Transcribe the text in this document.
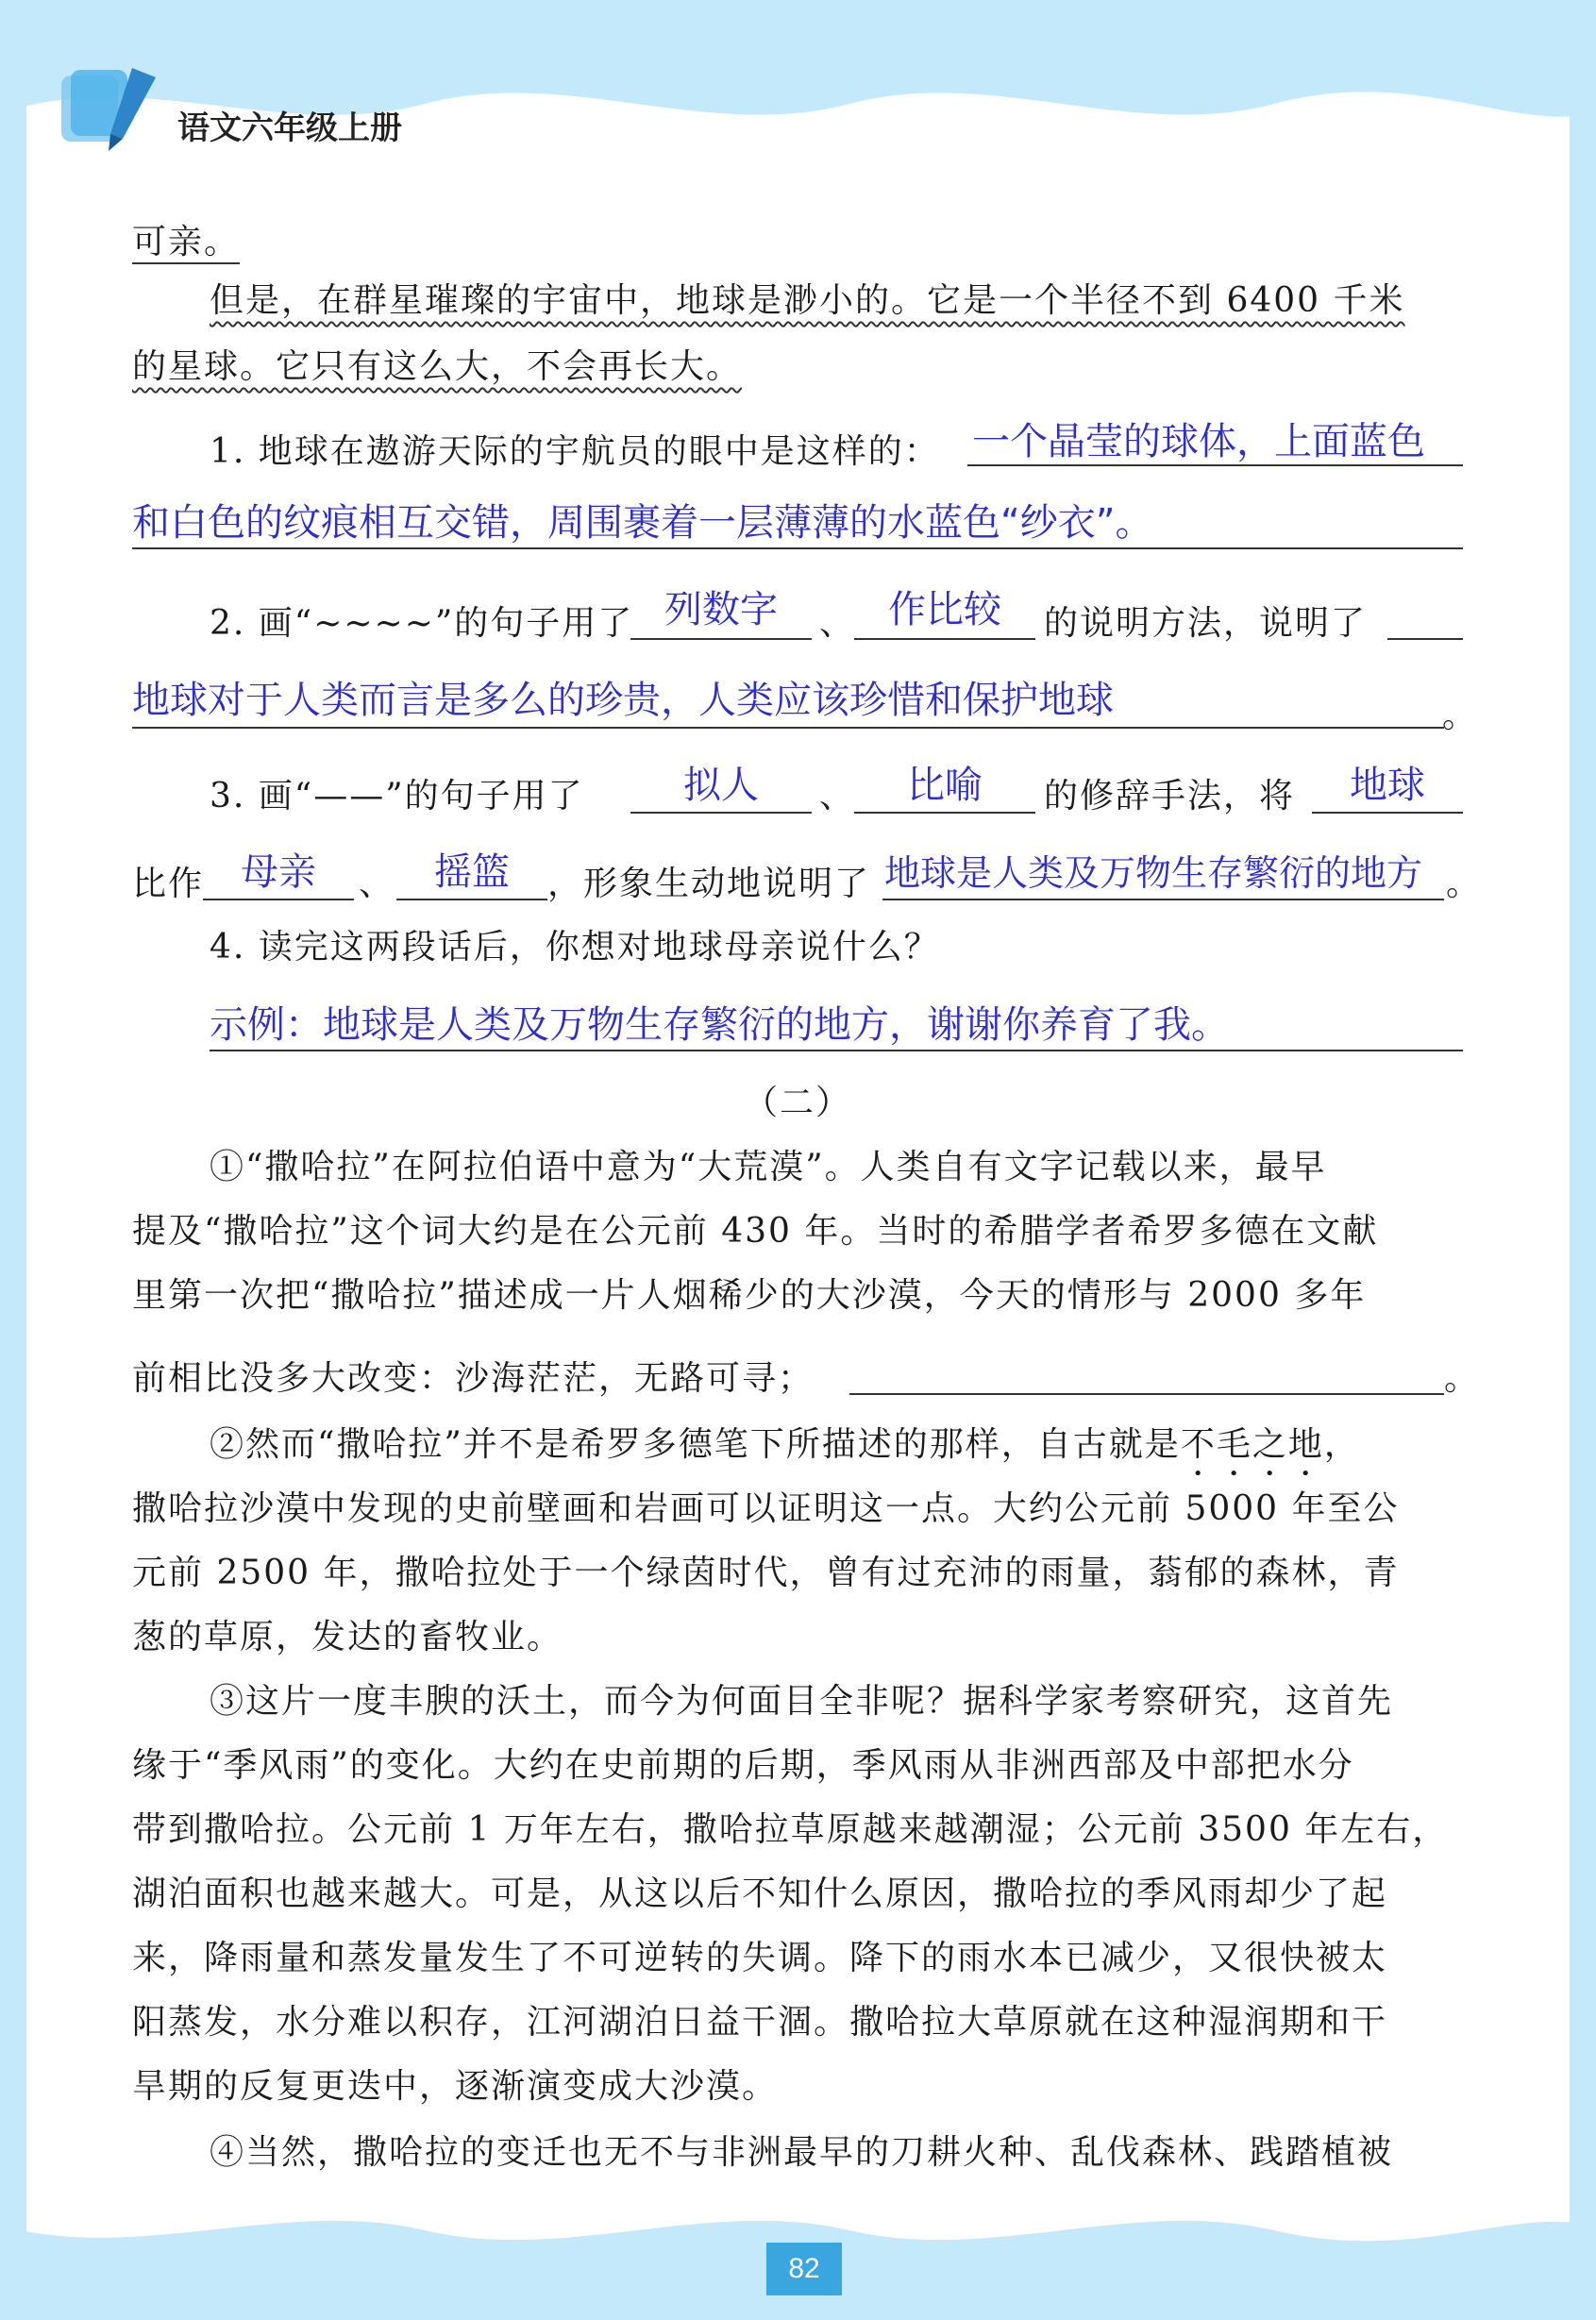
语文六年级上册
可亲。
但是，在群星璀璨的宇宙中，地球是渺小的。它是一个半径不到 6400 千米
的星球。它只有这么大，不会再长大。
1. 地球在遨游天际的宇航员的眼中是这样的： 一个晶莹的球体，上面蓝色
和白色的纹痕相互交错，周围裹着一层薄薄的水蓝色“纱衣”。
2. 画“~~~~”的句子用了 列数字	、 作比较	的说明方法，说明了
地球对于人类而言是多么的珍贵，人类应该珍惜和保护地球	。
3. 画“——”的句子用了	拟人	、	比喻	的修辞手法，将	地球
比作 母亲	、	摇篮	，形象生动地说明了 地球是人类及万物生存繁衍的地方 。
4. 读完这两段话后，你想对地球母亲说什么？
示例：地球是人类及万物生存繁衍的地方，谢谢你养育了我。
（二）
①“撒哈拉”在阿拉伯语中意为“大荒漠”。人类自有文字记载以来，最早
提及“撒哈拉”这个词大约是在公元前 430 年。当时的希腊学者希罗多德在文献
里第一次把“撒哈拉”描述成一片人烟稀少的大沙漠，今天的情形与 2000 多年
前相比没多大改变：沙海茫茫，无路可寻；	。
②然而“撒哈拉”并不是希罗多德笔下所描述的那样，自古就是不毛之地，
撒哈拉沙漠中发现的史前壁画和岩画可以证明这一点。大约公元前 5000 年至公
元前 2500 年，撒哈拉处于一个绿茵时代，曾有过充沛的雨量，蓊郁的森林，青
葱的草原，发达的畜牧业。
③这片一度丰腴的沃土，而今为何面目全非呢？据科学家考察研究，这首先
缘于“季风雨”的变化。大约在史前期的后期，季风雨从非洲西部及中部把水分
带到撒哈拉。公元前 1 万年左右，撒哈拉草原越来越潮湿；公元前 3500 年左右，
湖泊面积也越来越大。可是，从这以后不知什么原因，撒哈拉的季风雨却少了起
来，降雨量和蒸发量发生了不可逆转的失调。降下的雨水本已减少，又很快被太
阳蒸发，水分难以积存，江河湖泊日益干涸。撒哈拉大草原就在这种湿润期和干
旱期的反复更迭中，逐渐演变成大沙漠。
④当然，撒哈拉的变迁也无不与非洲最早的刀耕火种、乱伐森林、践踏植被
82
